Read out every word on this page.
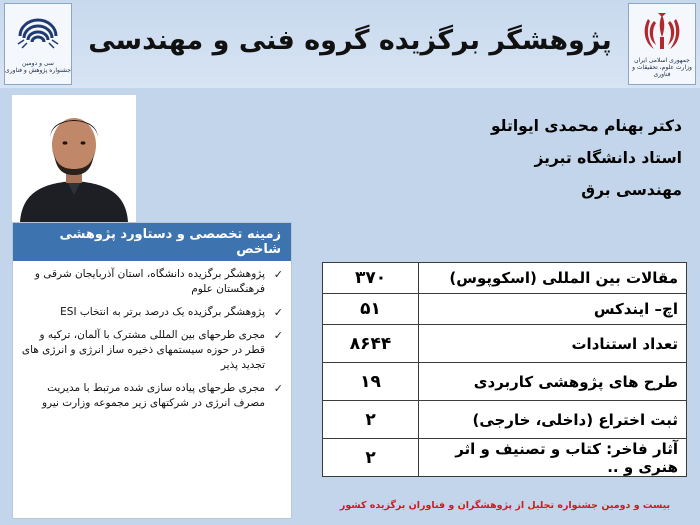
سی و دومین
جشنواره پژوهش و فناوری
پژوهشگر برگزیده گروه فنی و مهندسی
جمهوری اسلامی ایران
وزارت علوم، تحقیقات و فناوری
دکتر بهنام محمدی ایواتلو
استاد دانشگاه تبریز
مهندسی برق
مقالات بین المللی (اسکوپوس)
۳۷۰
اچ– ایندکس
۵۱
تعداد استنادات
۸۶۴۴
طرح های پژوهشی کاربردی
۱۹
ثبت اختراع (داخلی، خارجی)
۲
آثار فاخر: کتاب و تصنیف و اثر هنری و ..
۲
زمینه تخصصی و دستاورد پژوهشی شاخص
✓
پژوهشگر برگزیده دانشگاه، استان آذربایجان شرقی و فرهنگستان علوم
✓
پژوهشگر برگزیده یک درصد برتر به انتخاب ESI
✓
مجری طرحهای بین المللی مشترک با آلمان، ترکیه و قطر در حوزه سیستمهای ذخیره ساز انرژی و انرژی های تجدید پذیر
✓
مجری طرحهای پیاده سازی شده مرتبط با مدیریت مصرف انرژی در شرکتهای زیر مجموعه وزارت نیرو
بیست و دومین جشنواره تجلیل از پژوهشگران و فناوران برگزیده کشور
